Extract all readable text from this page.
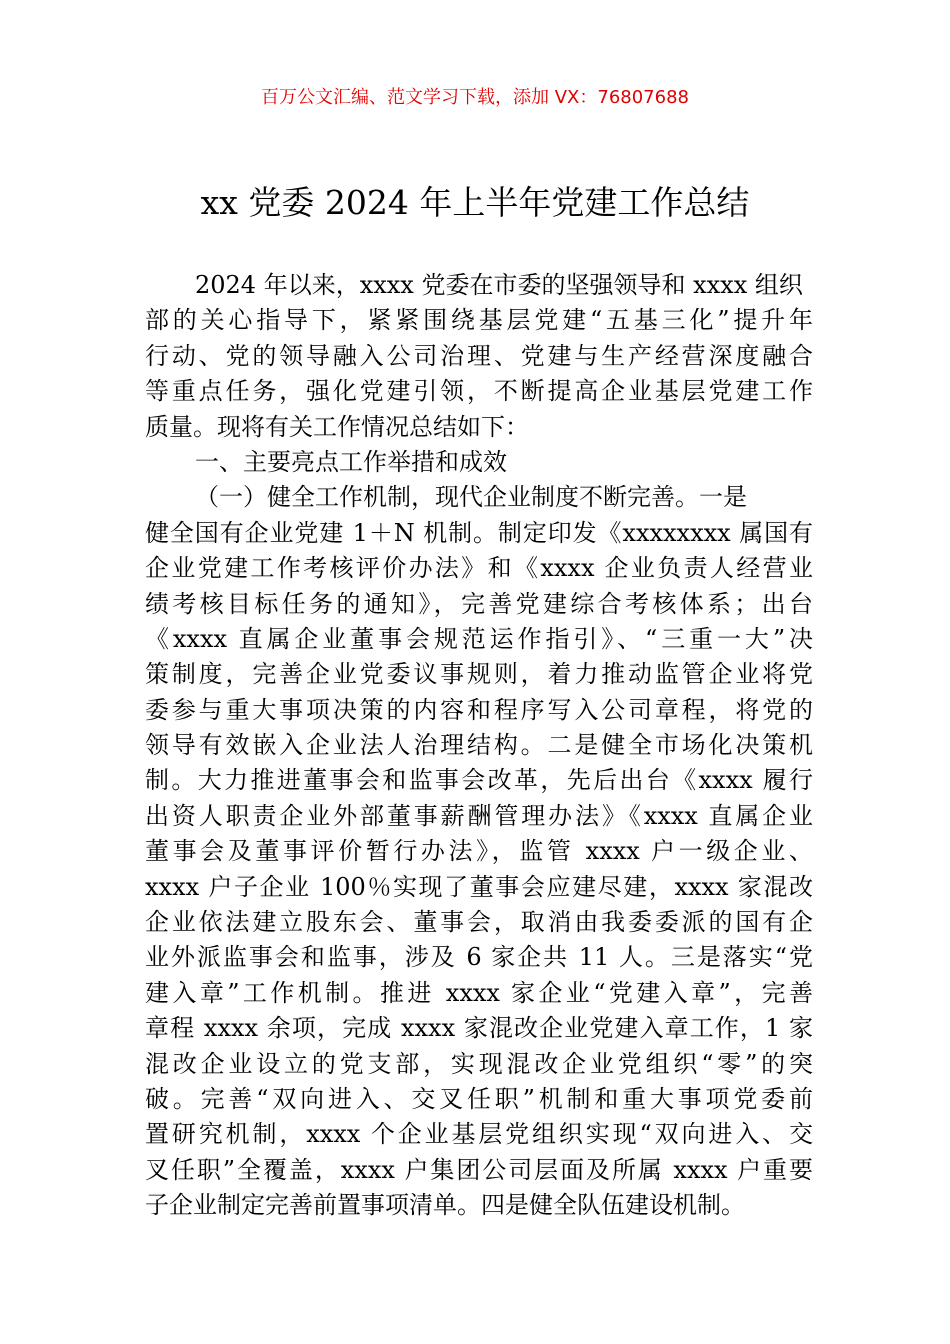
百万公文汇编、范文学习下载，添加 VX：76807688
xx 党委 2024 年上半年党建工作总结
2024 年以来，xxxx 党委在市委的坚强领导和 xxxx 组织
部的关心指导下，紧紧围绕基层党建“五基三化”提升年
行动、党的领导融入公司治理、党建与生产经营深度融合
等重点任务，强化党建引领，不断提高企业基层党建工作
质量。现将有关工作情况总结如下：
一、主要亮点工作举措和成效
（一）健全工作机制，现代企业制度不断完善。一是
健全国有企业党建 1＋N 机制。制定印发《xxxxxxxx 属国有
企业党建工作考核评价办法》和《xxxx 企业负责人经营业
绩考核目标任务的通知》，完善党建综合考核体系；出台
《xxxx 直属企业董事会规范运作指引》、“三重一大”决
策制度，完善企业党委议事规则，着力推动监管企业将党
委参与重大事项决策的内容和程序写入公司章程，将党的
领导有效嵌入企业法人治理结构。二是健全市场化决策机
制。大力推进董事会和监事会改革，先后出台《xxxx 履行
出资人职责企业外部董事薪酬管理办法》《xxxx 直属企业
董事会及董事评价暂行办法》，监管 xxxx 户一级企业、
xxxx 户子企业 100％实现了董事会应建尽建，xxxx 家混改
企业依法建立股东会、董事会，取消由我委委派的国有企
业外派监事会和监事，涉及 6 家企共 11 人。三是落实“党
建入章”工作机制。推进 xxxx 家企业“党建入章”，完善
章程 xxxx 余项，完成 xxxx 家混改企业党建入章工作，1 家
混改企业设立的党支部，实现混改企业党组织“零”的突
破。完善“双向进入、交叉任职”机制和重大事项党委前
置研究机制，xxxx 个企业基层党组织实现“双向进入、交
叉任职”全覆盖，xxxx 户集团公司层面及所属 xxxx 户重要
子企业制定完善前置事项清单。四是健全队伍建设机制。
